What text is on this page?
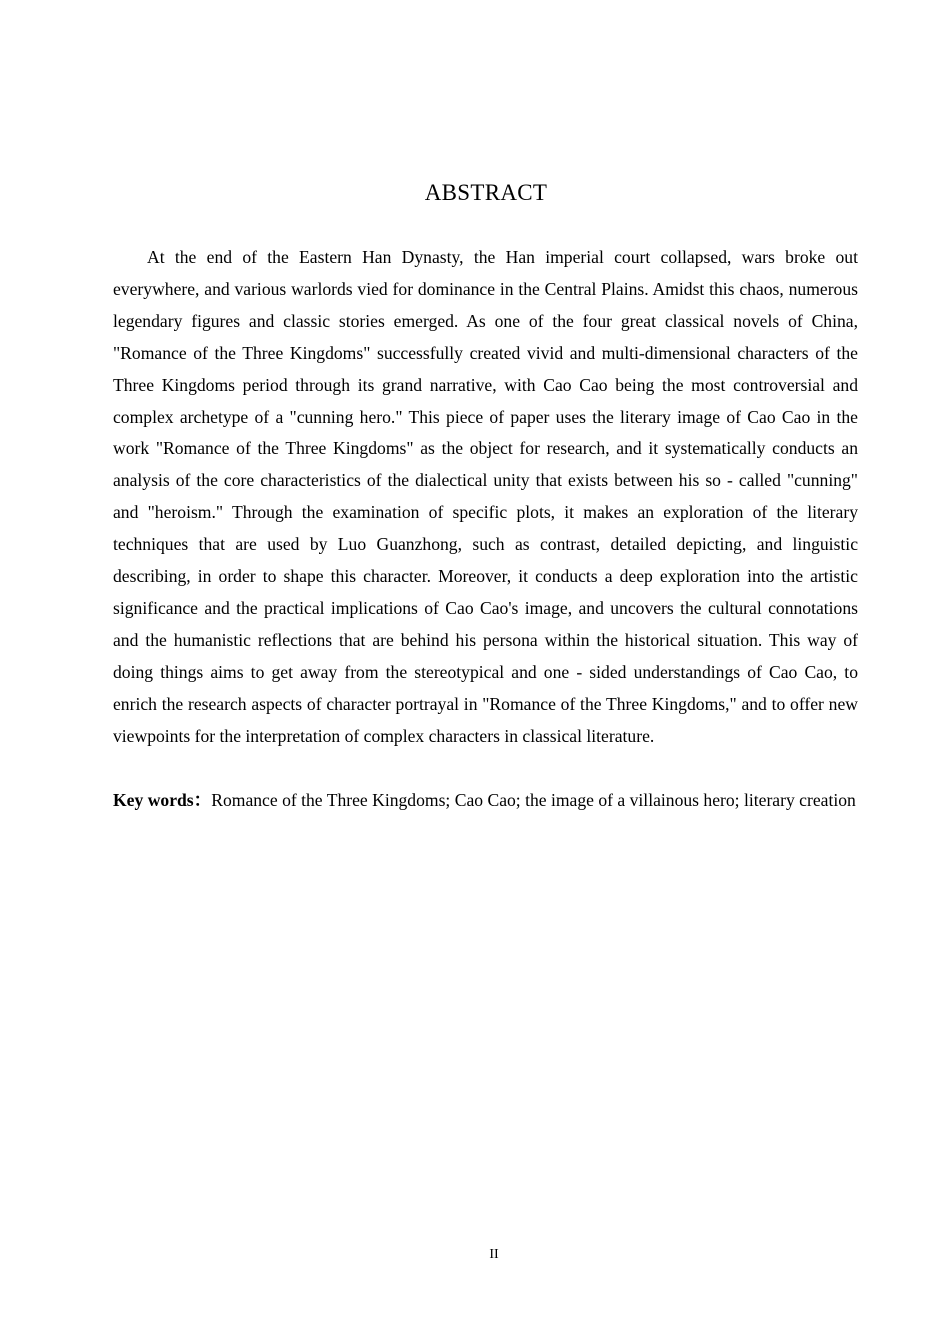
ABSTRACT

At the end of the Eastern Han Dynasty, the Han imperial court collapsed, wars broke out everywhere, and various warlords vied for dominance in the Central Plains. Amidst this chaos, numerous legendary figures and classic stories emerged. As one of the four great classical novels of China, "Romance of the Three Kingdoms" successfully created vivid and multi-dimensional characters of the Three Kingdoms period through its grand narrative, with Cao Cao being the most controversial and complex archetype of a "cunning hero." This piece of paper uses the literary image of Cao Cao in the work "Romance of the Three Kingdoms" as the object for research, and it systematically conducts an analysis of the core characteristics of the dialectical unity that exists between his so - called "cunning" and "heroism." Through the examination of specific plots, it makes an exploration of the literary techniques that are used by Luo Guanzhong, such as contrast, detailed depicting, and linguistic describing, in order to shape this character. Moreover, it conducts a deep exploration into the artistic significance and the practical implications of Cao Cao's image, and uncovers the cultural connotations and the humanistic reflections that are behind his persona within the historical situation. This way of doing things aims to get away from the stereotypical and one - sided understandings of Cao Cao, to enrich the research aspects of character portrayal in "Romance of the Three Kingdoms," and to offer new viewpoints for the interpretation of complex characters in classical literature.

Key words：Romance of the Three Kingdoms; Cao Cao; the image of a villainous hero; literary creation

II
